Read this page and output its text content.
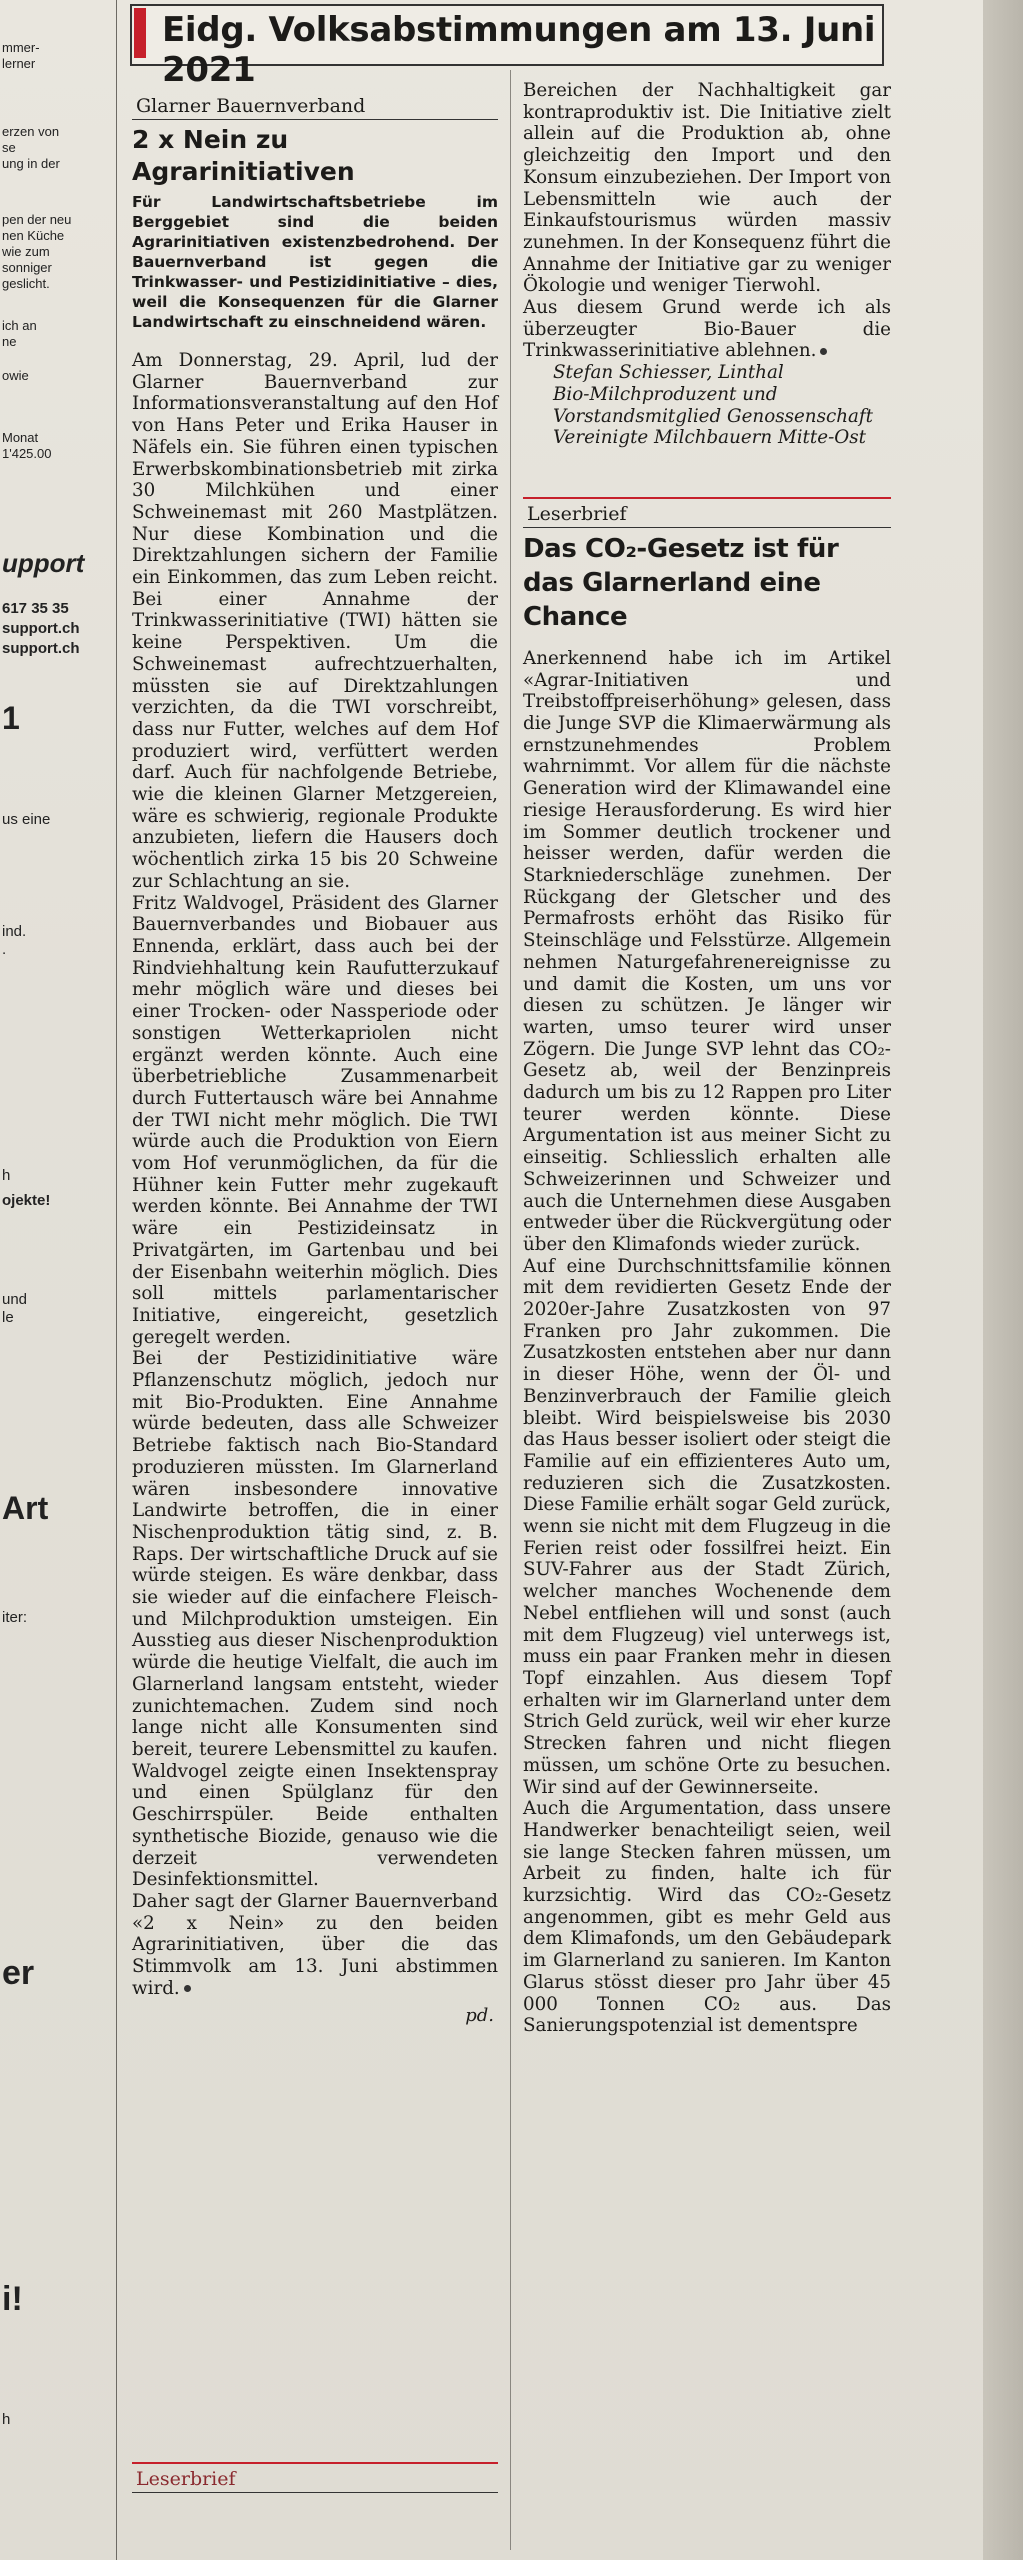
mmer-
lerner
erzen von
se
ung in der
pen der neu
nen Küche
wie zum
sonniger
geslicht.
ich an
ne
owie
Monat
1'425.00
upport
617 35 35
support.ch
support.ch
1
us eine
ind.
.
h
ojekte!
und
le
Art
iter:
er
i!
h
Eidg. Volksabstimmungen am 13. Juni 2021
Glarner Bauernverband
2 x Nein zu Agrarinitiativen
Für Landwirtschaftsbetriebe im Berggebiet sind die beiden Agrarinitiativen existenzbedrohend. Der Bauernverband ist gegen die Trinkwasser- und Pestizidinitiative – dies, weil die Konsequenzen für die Glarner Landwirtschaft zu einschneidend wären.

Am Donnerstag, 29. April, lud der Glarner Bauernverband zur Informationsveranstaltung auf den Hof von Hans Peter und Erika Hauser in Näfels ein. Sie führen einen typischen Erwerbskombinationsbetrieb mit zirka 30 Milchkühen und einer Schweinemast mit 260 Mastplätzen. Nur diese Kombination und die Direktzahlungen sichern der Familie ein Einkommen, das zum Leben reicht. Bei einer Annahme der Trinkwasserinitiative (TWI) hätten sie keine Perspektiven. Um die Schweinemast aufrechtzuerhalten, müssten sie auf Direktzahlungen verzichten, da die TWI vorschreibt, dass nur Futter, welches auf dem Hof produziert wird, verfüttert werden darf. Auch für nachfolgende Betriebe, wie die kleinen Glarner Metzgereien, wäre es schwierig, regionale Produkte anzubieten, liefern die Hausers doch wöchentlich zirka 15 bis 20 Schweine zur Schlachtung an sie.

Fritz Waldvogel, Präsident des Glarner Bauernverbandes und Biobauer aus Ennenda, erklärt, dass auch bei der Rindviehhaltung kein Raufutterzukauf mehr möglich wäre und dieses bei einer Trocken- oder Nassperiode oder sonstigen Wetterkapriolen nicht ergänzt werden könnte. Auch eine überbetriebliche Zusammenarbeit durch Futtertausch wäre bei Annahme der TWI nicht mehr möglich. Die TWI würde auch die Produktion von Eiern vom Hof verunmöglichen, da für die Hühner kein Futter mehr zugekauft werden könnte. Bei Annahme der TWI wäre ein Pestizideinsatz in Privatgärten, im Gartenbau und bei der Eisenbahn weiterhin möglich. Dies soll mittels parlamentarischer Initiative, eingereicht, gesetzlich geregelt werden.

Bei der Pestizidinitiative wäre Pflanzenschutz möglich, jedoch nur mit Bio-Produkten. Eine Annahme würde bedeuten, dass alle Schweizer Betriebe faktisch nach Bio-Standard produzieren müssten. Im Glarnerland wären insbesondere innovative Landwirte betroffen, die in einer Nischenproduktion tätig sind, z. B. Raps. Der wirtschaftliche Druck auf sie würde steigen. Es wäre denkbar, dass sie wieder auf die einfachere Fleisch- und Milchproduktion umsteigen. Ein Ausstieg aus dieser Nischenproduktion würde die heutige Vielfalt, die auch im Glarnerland langsam entsteht, wieder zunichtemachen. Zudem sind noch lange nicht alle Konsumenten sind bereit, teurere Lebensmittel zu kaufen. Waldvogel zeigte einen Insektenspray und einen Spülglanz für den Geschirrspüler. Beide enthalten synthetische Biozide, genauso wie die derzeit verwendeten Desinfektionsmittel.

Daher sagt der Glarner Bauernverband «2 x Nein» zu den beiden Agrarinitiativen, über die das Stimmvolk am 13. Juni abstimmen wird.

pd.

Bereichen der Nachhaltigkeit gar kontraproduktiv ist. Die Initiative zielt allein auf die Produktion ab, ohne gleichzeitig den Import und den Konsum einzubeziehen. Der Import von Lebensmitteln wie auch der Einkaufstourismus würden massiv zunehmen. In der Konsequenz führt die Annahme der Initiative gar zu weniger Ökologie und weniger Tierwohl.

Aus diesem Grund werde ich als überzeugter Bio-Bauer die Trinkwasserinitiative ablehnen.

Stefan Schiesser, Linthal
Bio-Milchproduzent und
Vorstandsmitglied Genossenschaft
Vereinigte Milchbauern Mitte-Ost
Leserbrief
Das CO₂-Gesetz ist für das Glarnerland eine Chance

Anerkennend habe ich im Artikel «Agrar-Initiativen und Treibstoffpreiserhöhung» gelesen, dass die Junge SVP die Klimaerwärmung als ernstzunehmendes Problem wahrnimmt. Vor allem für die nächste Generation wird der Klimawandel eine riesige Herausforderung. Es wird hier im Sommer deutlich trockener und heisser werden, dafür werden die Starkniederschläge zunehmen. Der Rückgang der Gletscher und des Permafrosts erhöht das Risiko für Steinschläge und Felsstürze. Allgemein nehmen Naturgefahrenereignisse zu und damit die Kosten, um uns vor diesen zu schützen. Je länger wir warten, umso teurer wird unser Zögern. Die Junge SVP lehnt das CO₂-Gesetz ab, weil der Benzinpreis dadurch um bis zu 12 Rappen pro Liter teurer werden könnte. Diese Argumentation ist aus meiner Sicht zu einseitig. Schliesslich erhalten alle Schweizerinnen und Schweizer und auch die Unternehmen diese Ausgaben entweder über die Rückvergütung oder über den Klimafonds wieder zurück.

Auf eine Durchschnittsfamilie können mit dem revidierten Gesetz Ende der 2020er-Jahre Zusatzkosten von 97 Franken pro Jahr zukommen. Die Zusatzkosten entstehen aber nur dann in dieser Höhe, wenn der Öl- und Benzinverbrauch der Familie gleich bleibt. Wird beispielsweise bis 2030 das Haus besser isoliert oder steigt die Familie auf ein effizienteres Auto um, reduzieren sich die Zusatzkosten. Diese Familie erhält sogar Geld zurück, wenn sie nicht mit dem Flugzeug in die Ferien reist oder fossilfrei heizt. Ein SUV-Fahrer aus der Stadt Zürich, welcher manches Wochenende dem Nebel entfliehen will und sonst (auch mit dem Flugzeug) viel unterwegs ist, muss ein paar Franken mehr in diesen Topf einzahlen. Aus diesem Topf erhalten wir im Glarnerland unter dem Strich Geld zurück, weil wir eher kurze Strecken fahren und nicht fliegen müssen, um schöne Orte zu besuchen. Wir sind auf der Gewinnerseite.

Auch die Argumentation, dass unsere Handwerker benachteiligt seien, weil sie lange Stecken fahren müssen, um Arbeit zu finden, halte ich für kurzsichtig. Wird das CO₂-Gesetz angenommen, gibt es mehr Geld aus dem Klimafonds, um den Gebäudepark im Glarnerland zu sanieren. Im Kanton Glarus stösst dieser pro Jahr über 45 000 Tonnen CO₂ aus. Das Sanierungspotenzial ist dementspre

Leserbrief
